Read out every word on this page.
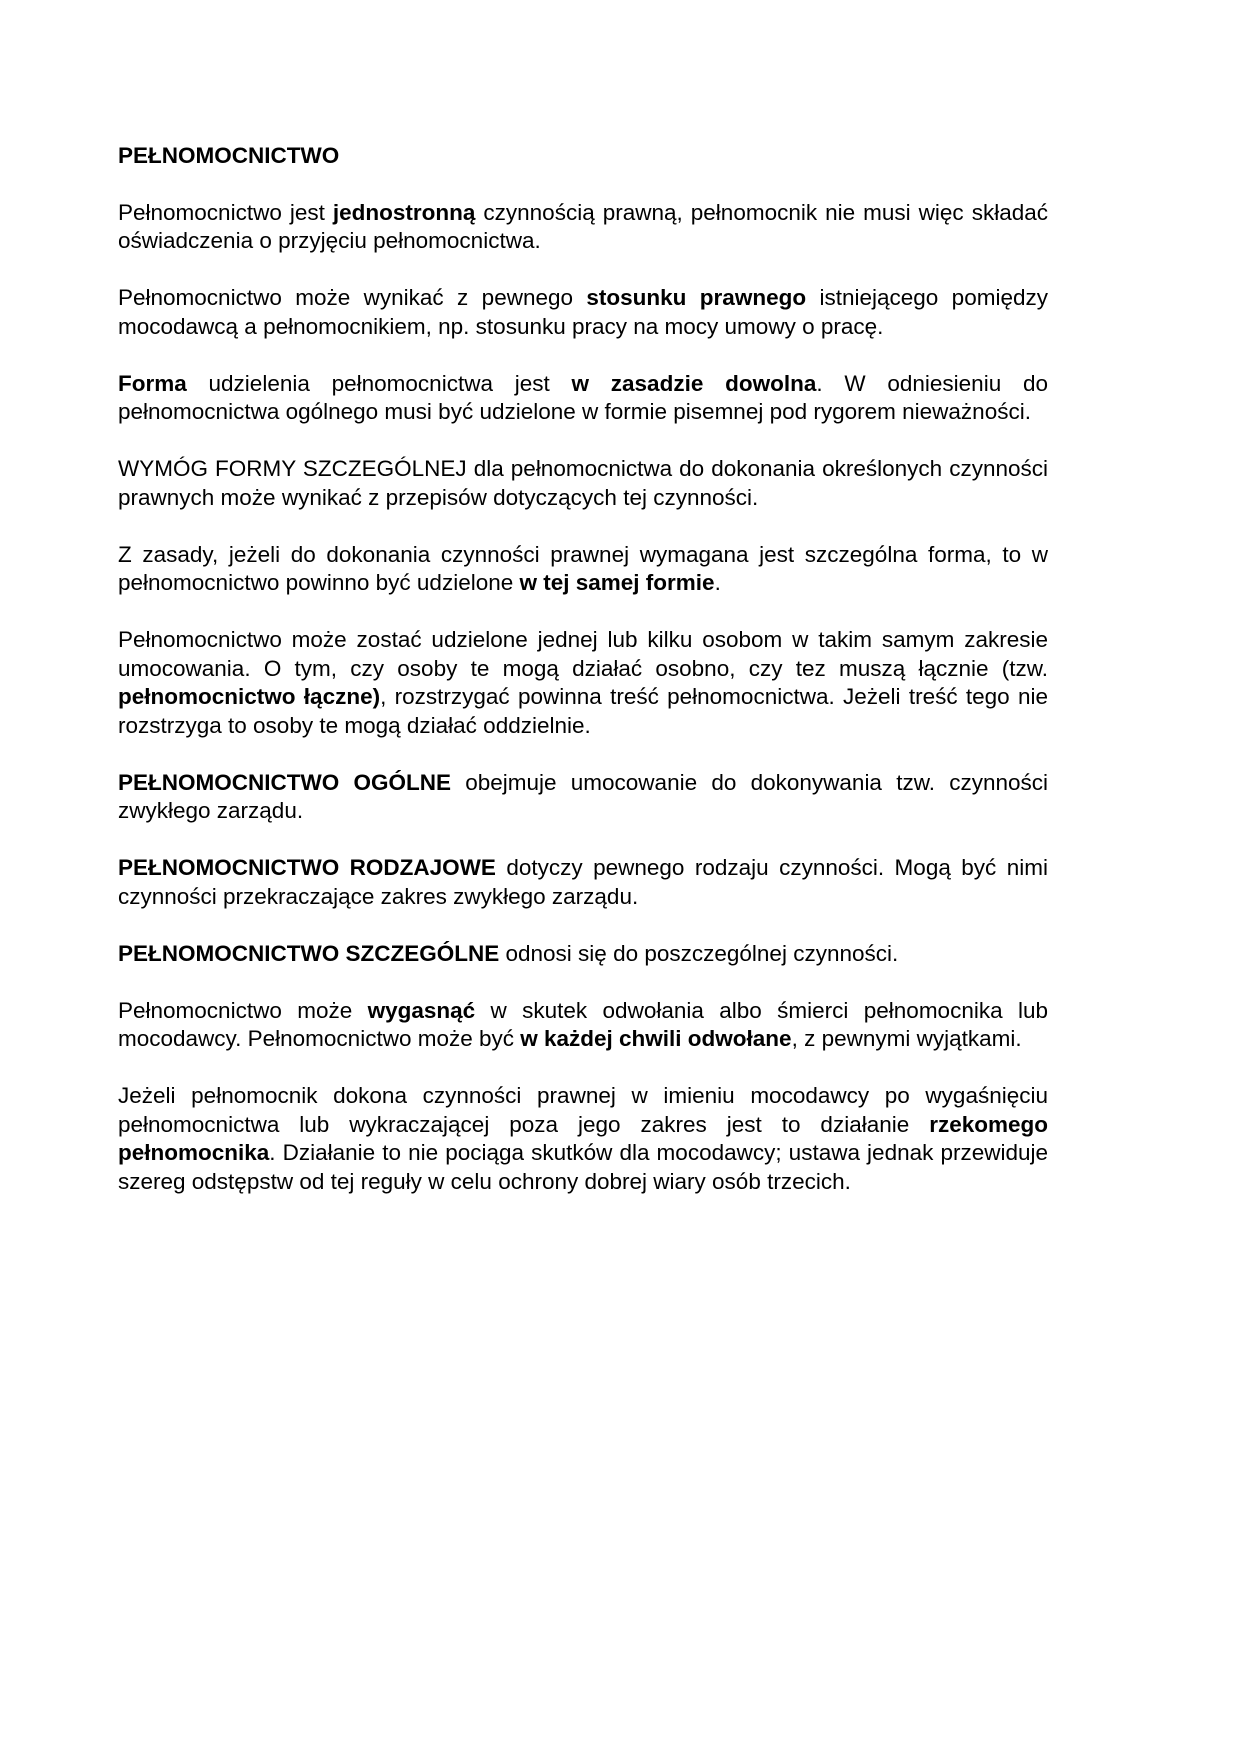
PEŁNOMOCNICTWO

Pełnomocnictwo jest jednostronną czynnością prawną, pełnomocnik nie musi więc składać oświadczenia o przyjęciu pełnomocnictwa.

Pełnomocnictwo może wynikać z pewnego stosunku prawnego istniejącego pomiędzy mocodawcą a pełnomocnikiem, np. stosunku pracy na mocy umowy o pracę.

Forma udzielenia pełnomocnictwa jest w zasadzie dowolna. W odniesieniu do pełnomocnictwa ogólnego musi być udzielone w formie pisemnej pod rygorem nieważności.

WYMÓG FORMY SZCZEGÓLNEJ dla pełnomocnictwa do dokonania określonych czynności prawnych może wynikać z przepisów dotyczących tej czynności.

Z zasady, jeżeli do dokonania czynności prawnej wymagana jest szczególna forma, to w pełnomocnictwo powinno być udzielone w tej samej formie.

Pełnomocnictwo może zostać udzielone jednej lub kilku osobom w takim samym zakresie umocowania. O tym, czy osoby te mogą działać osobno, czy tez muszą łącznie (tzw. pełnomocnictwo łączne), rozstrzygać powinna treść pełnomocnictwa. Jeżeli treść tego nie rozstrzyga to osoby te mogą działać oddzielnie.

PEŁNOMOCNICTWO OGÓLNE obejmuje umocowanie do dokonywania tzw. czynności zwykłego zarządu.

PEŁNOMOCNICTWO RODZAJOWE dotyczy pewnego rodzaju czynności. Mogą być nimi czynności przekraczające zakres zwykłego zarządu.

PEŁNOMOCNICTWO SZCZEGÓLNE odnosi się do poszczególnej czynności.

Pełnomocnictwo może wygasnąć w skutek odwołania albo śmierci pełnomocnika lub mocodawcy. Pełnomocnictwo może być w każdej chwili odwołane, z pewnymi wyjątkami.

Jeżeli pełnomocnik dokona czynności prawnej w imieniu mocodawcy po wygaśnięciu pełnomocnictwa lub wykraczającej poza jego zakres jest to działanie rzekomego pełnomocnika. Działanie to nie pociąga skutków dla mocodawcy; ustawa jednak przewiduje szereg odstępstw od tej reguły w celu ochrony dobrej wiary osób trzecich.
